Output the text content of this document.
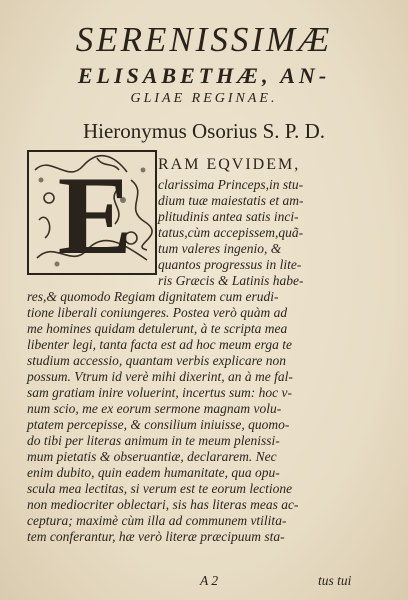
SERENISSIMÆ
ELISABETHÆ, AN-
GLIAE REGINAE.
Hieronymus Osorius S. P. D.
E RAM EQVIDEM,
clarissima Princeps,in stu-
dium tuæ maiestatis et am-
plitudinis antea satis inci-
tatus,cùm accepissem,quã-
tum valeres ingenio, &
quantos progressus in lite-
ris Græcis & Latinis habe-
res,& quomodo Regiam dignitatem cum erudi-
tione liberali coniungeres. Postea verò quàm ad
me homines quidam detulerunt, à te scripta mea
libenter legi, tanta facta est ad hoc meum erga te
studium accessio, quantam verbis explicare non
possum. Vtrum id verè mihi dixerint, an à me fal-
sam gratiam inire voluerint, incertus sum: hoc v-
num scio, me ex eorum sermone magnam volu-
ptatem percepisse, & consilium iniuisse, quomo-
do tibi per literas animum in te meum plenissi-
mum pietatis & obseruantiæ, declararem. Nec
enim dubito, quin eadem humanitate, qua opu-
scula mea lectitas, si verum est te eorum lectione
non mediocriter oblectari, sis has literas meas ac-
ceptura; maximè cùm illa ad communem vtilita-
tem conferantur, hæ verò literæ præcipuum sta-
A 2	tus tui
